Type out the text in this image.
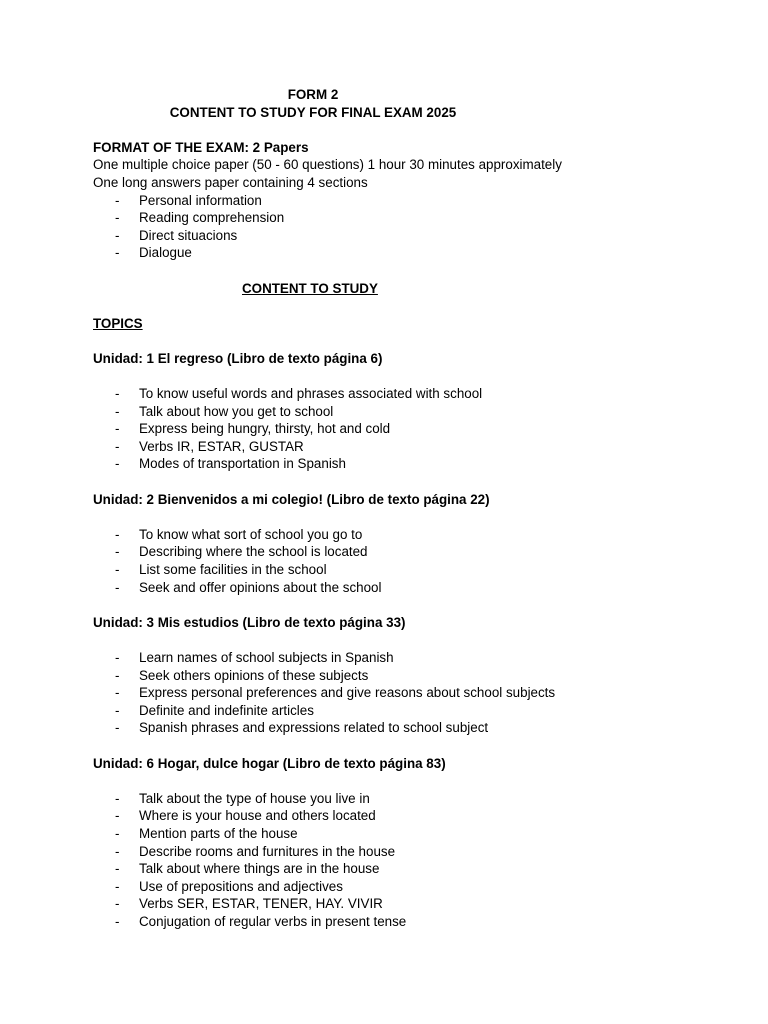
FORM 2
CONTENT TO STUDY FOR FINAL EXAM 2025
FORMAT OF THE EXAM: 2 Papers
One multiple choice paper (50 - 60 questions) 1 hour 30 minutes approximately
One long answers paper containing 4 sections
-	Personal information
-	Reading comprehension
-	Direct situacions
-	Dialogue
CONTENT TO STUDY
TOPICS
Unidad: 1 El regreso (Libro de texto página 6)
-	To know useful words and phrases associated with school
-	Talk about how you get to school
-	Express being hungry, thirsty, hot and cold
-	Verbs IR, ESTAR, GUSTAR
-	Modes of transportation in Spanish
Unidad: 2 Bienvenidos a mi colegio! (Libro de texto página 22)
-	To know what sort of school you go to
-	Describing where the school is located
-	List some facilities in the school
-	Seek and offer opinions about the school
Unidad: 3 Mis estudios (Libro de texto página 33)
-	Learn names of school subjects in Spanish
-	Seek others opinions of these subjects
-	Express personal preferences and give reasons about school subjects
-	Definite and indefinite articles
-	Spanish phrases and expressions related to school subject
Unidad: 6 Hogar, dulce hogar (Libro de texto página 83)
-	Talk about the type of house you live in
-	Where is your house and others located
-	Mention parts of the house
-	Describe rooms and furnitures in the house
-	Talk about where things are in the house
-	Use of prepositions and adjectives
-	Verbs SER, ESTAR, TENER, HAY. VIVIR
-	Conjugation of regular verbs in present tense
